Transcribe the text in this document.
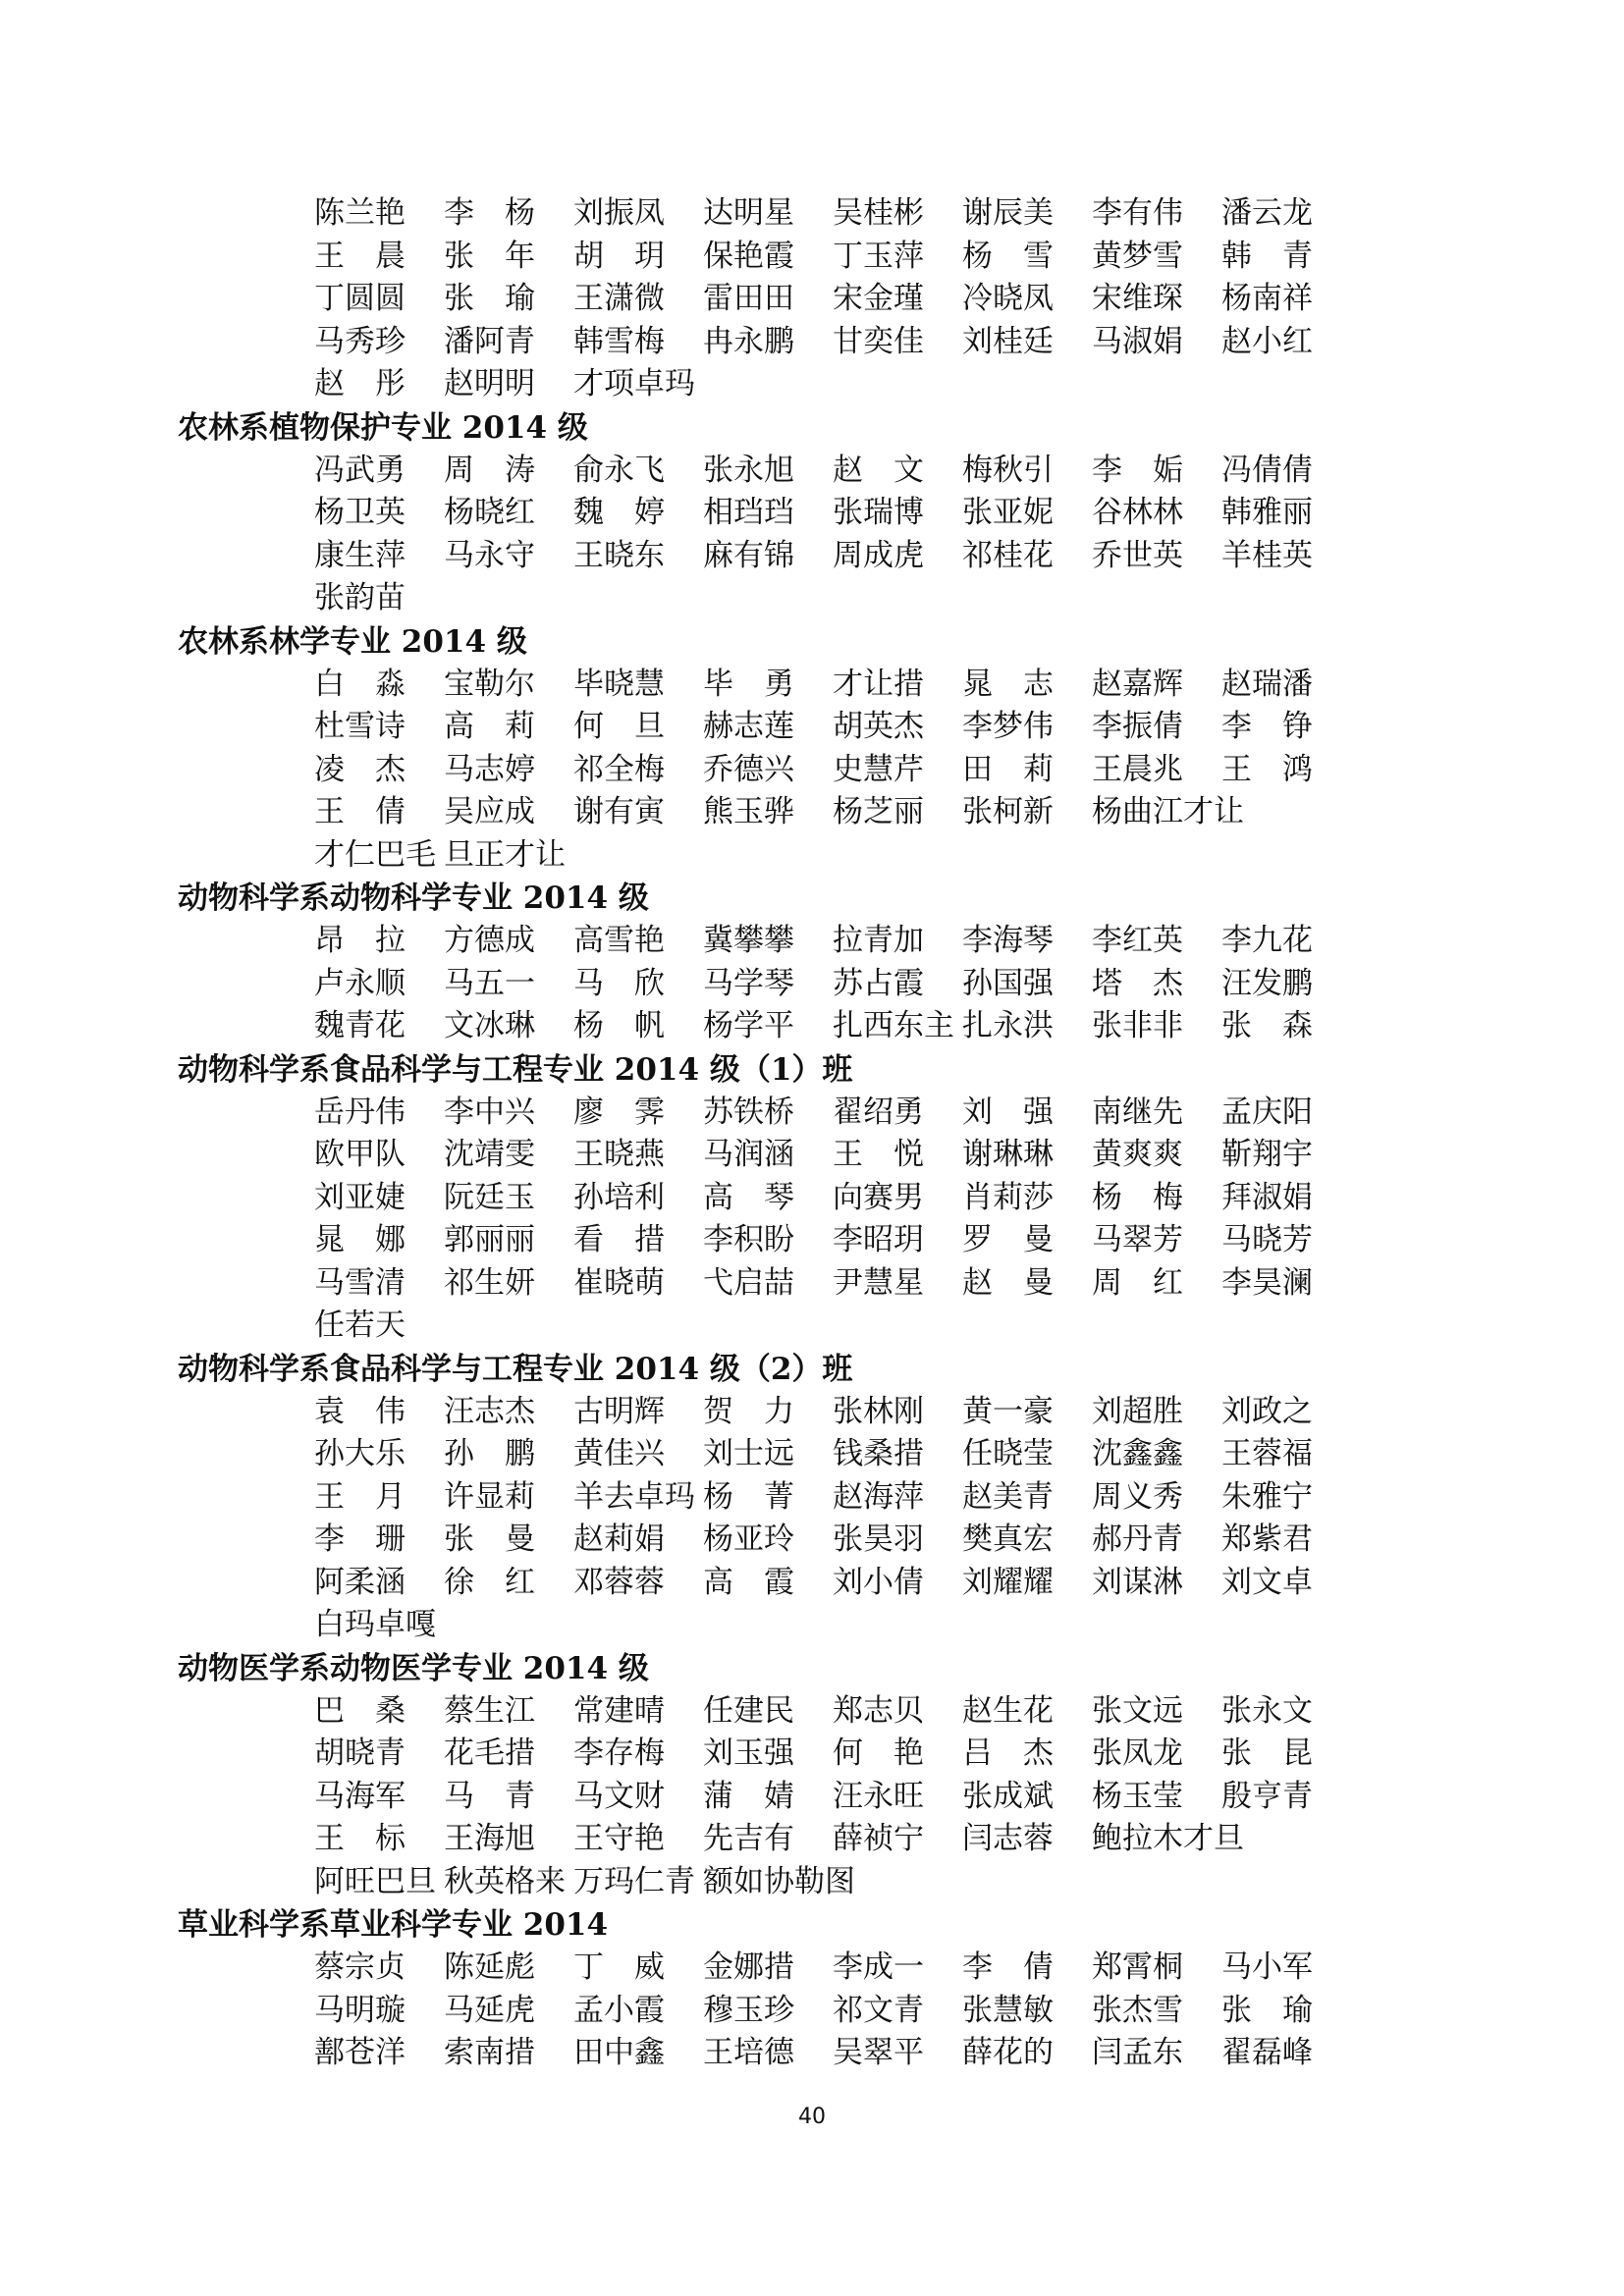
陈兰艳	李　杨	刘振凤	达明星	吴桂彬	谢辰美	李有伟	潘云龙
王　晨	张　年	胡　玥	保艳霞	丁玉萍	杨　雪	黄梦雪	韩　青
丁圆圆	张　瑜	王潇微	雷田田	宋金瑾	冷晓凤	宋维琛	杨南祥
马秀珍	潘阿青	韩雪梅	冉永鹏	甘奕佳	刘桂廷	马淑娟	赵小红
赵　彤	赵明明	才项卓玛
农林系植物保护专业 2014 级
冯武勇	周　涛	俞永飞	张永旭	赵　文	梅秋引	李　姤	冯倩倩
杨卫英	杨晓红	魏　婷	相珰珰	张瑞博	张亚妮	谷林林	韩雅丽
康生萍	马永守	王晓东	麻有锦	周成虎	祁桂花	乔世英	羊桂英
张韵苗
农林系林学专业 2014 级
白　淼	宝勒尔	毕晓慧	毕　勇	才让措	晁　志	赵嘉辉	赵瑞潘
杜雪诗	高　莉	何　旦	赫志莲	胡英杰	李梦伟	李振倩	李　铮
凌　杰	马志婷	祁全梅	乔德兴	史慧芹	田　莉	王晨兆	王　鸿
王　倩	吴应成	谢有寅	熊玉骅	杨芝丽	张柯新	杨曲江才让
才仁巴毛 旦正才让
动物科学系动物科学专业 2014 级
昂　拉	方德成	高雪艳	冀攀攀	拉青加	李海琴	李红英	李九花
卢永顺	马五一	马　欣	马学琴	苏占霞	孙国强	塔　杰	汪发鹏
魏青花	文冰琳	杨　帆	杨学平	扎西东主 扎永洪	张非非	张　森
动物科学系食品科学与工程专业 2014 级（1）班
岳丹伟	李中兴	廖　霁	苏铁桥	翟绍勇	刘　强	南继先	孟庆阳
欧甲队	沈靖雯	王晓燕	马润涵	王　悦	谢琳琳	黄爽爽	靳翔宇
刘亚婕	阮廷玉	孙培利	高　琴	向赛男	肖莉莎	杨　梅	拜淑娟
晁　娜	郭丽丽	看　措	李积盼	李昭玥	罗　曼	马翠芳	马晓芳
马雪清	祁生妍	崔晓萌	弋启喆	尹慧星	赵　曼	周　红	李昊澜
任若天
动物科学系食品科学与工程专业 2014 级（2）班
袁　伟	汪志杰	古明辉	贺　力	张林刚	黄一豪	刘超胜	刘政之
孙大乐	孙　鹏	黄佳兴	刘士远	钱桑措	任晓莹	沈鑫鑫	王蓉福
王　月	许显莉	羊去卓玛 杨　菁	赵海萍	赵美青	周义秀	朱雅宁
李　珊	张　曼	赵莉娟	杨亚玲	张昊羽	樊真宏	郝丹青	郑紫君
阿柔涵	徐　红	邓蓉蓉	高　霞	刘小倩	刘耀耀	刘谋淋	刘文卓
白玛卓嘎
动物医学系动物医学专业 2014 级
巴　桑	蔡生江	常建晴	任建民	郑志贝	赵生花	张文远	张永文
胡晓青	花毛措	李存梅	刘玉强	何　艳	吕　杰	张凤龙	张　昆
马海军	马　青	马文财	蒲　婧	汪永旺	张成斌	杨玉莹	殷亨青
王　标	王海旭	王守艳	先吉有	薛祯宁	闫志蓉	鲍拉木才旦
阿旺巴旦 秋英格来 万玛仁青 额如协勒图
草业科学系草业科学专业 2014
蔡宗贞	陈延彪	丁　威	金娜措	李成一	李　倩	郑霄桐	马小军
马明璇	马延虎	孟小霞	穆玉珍	祁文青	张慧敏	张杰雪	张　瑜
鄯苍洋	索南措	田中鑫	王培德	吴翠平	薛花的	闫孟东	翟磊峰
40
